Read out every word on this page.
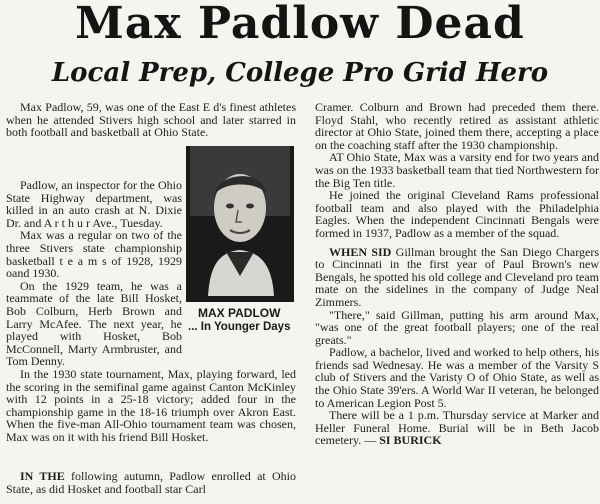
Max Padlow Dead
Local Prep, College Pro Grid Hero

Max Padlow, 59, was one of the East E d's finest athletes when he attended Stivers high school and later starred in both football and basketball at Ohio State.

Padlow, an inspector for the Ohio State Highway department, was killed in an auto crash at N. Dixie Dr. and A r t h u r Ave., Tuesday.

Max was a regular on two of the three Stivers state championship basketball t e a m s of 1928, 1929 oand 1930.

On the 1929 team, he was a teammate of the late Bill Hosket, Bob Colburn, Herb Brown and Larry McAfee. The next year, he played with Hosket, Bob McConnell, Marty Armbruster, and Tom Denny.

MAX PADLOW
... In Younger Days

In the 1930 state tournament, Max, playing forward, led the scoring in the semifinal game against Canton McKinley with 12 points in a 25-18 victory; added four in the championship game in the 18-16 triumph over Akron East. When the five-man All-Ohio tournament team was chosen, Max was on it with his friend Bill Hosket.

IN THE following autumn, Padlow enrolled at Ohio State, as did Hosket and football star Carl

Cramer. Colburn and Brown had preceded them there. Floyd Stahl, who recently retired as assistant athletic director at Ohio State, joined them there, accepting a place on the coaching staff after the 1930 championship.

AT Ohio State, Max was a varsity end for two years and was on the 1933 basketball team that tied Northwestern for the Big Ten title.

He joined the original Cleveland Rams professional football team and also played with the Philadelphia Eagles. When the independent Cincinnati Bengals were formed in 1937, Padlow as a member of the squad.

WHEN SID Gillman brought the San Diego Chargers to Cincinnati in the first year of Paul Brown's new Bengals, he spotted his old college and Cleveland pro team mate on the sidelines in the company of Judge Neal Zimmers.

"There," said Gillman, putting his arm around Max, "was one of the great football players; one of the real greats."

Padlow, a bachelor, lived and worked to help others, his friends sad Wednesay. He was a member of the Varsity S club of Stivers and the Varisty O of Ohio State, as well as the Ohio State 39'ers. A World War II veteran, he belonged to American Legion Post 5.

There will be a 1 p.m. Thursday service at Marker and Heller Funeral Home. Burial will be in Beth Jacob cemetery. — SI BURICK
